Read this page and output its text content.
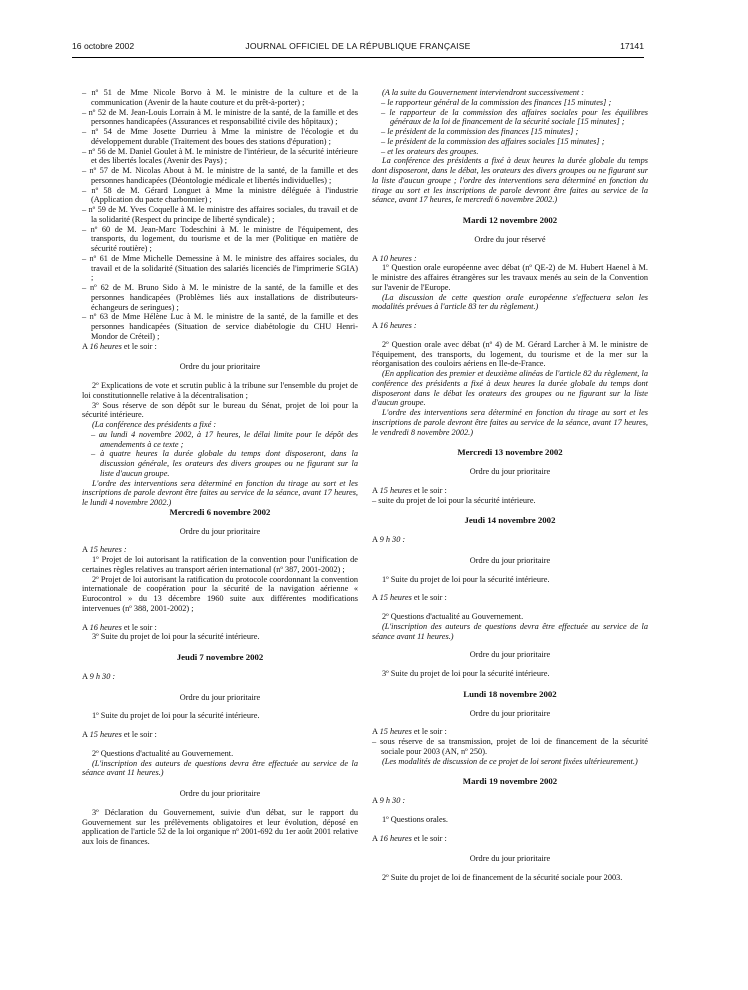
16 octobre 2002	JOURNAL OFFICIEL DE LA RÉPUBLIQUE FRANÇAISE	17141

– nº 51 de Mme Nicole Borvo à M. le ministre de la culture et de la communication (Avenir de la haute couture et du prêt-à-porter) ;

– nº 52 de M. Jean-Louis Lorrain à M. le ministre de la santé, de la famille et des personnes handicapées (Assurances et responsabilité civile des hôpitaux) ;

– nº 54 de Mme Josette Durrieu à Mme la ministre de l'écologie et du développement durable (Traitement des boues des stations d'épuration) ;

– nº 56 de M. Daniel Goulet à M. le ministre de l'intérieur, de la sécurité intérieure et des libertés locales (Avenir des Pays) ;

– nº 57 de M. Nicolas About à M. le ministre de la santé, de la famille et des personnes handicapées (Déontologie médicale et libertés individuelles) ;

– nº 58 de M. Gérard Longuet à Mme la ministre déléguée à l'industrie (Application du pacte charbonnier) ;

– nº 59 de M. Yves Coquelle à M. le ministre des affaires sociales, du travail et de la solidarité (Respect du principe de liberté syndicale) ;

– nº 60 de M. Jean-Marc Todeschini à M. le ministre de l'équipement, des transports, du logement, du tourisme et de la mer (Politique en matière de sécurité routière) ;

– nº 61 de Mme Michelle Demessine à M. le ministre des affaires sociales, du travail et de la solidarité (Situation des salariés licenciés de l'imprimerie SGIA) ;

– nº 62 de M. Bruno Sido à M. le ministre de la santé, de la famille et des personnes handicapées (Problèmes liés aux installations de distributeurs-échangeurs de seringues) ;

– nº 63 de Mme Hélène Luc à M. le ministre de la santé, de la famille et des personnes handicapées (Situation de service diabétologie du CHU Henri-Mondor de Créteil) ;

A 16 heures et le soir :

Ordre du jour prioritaire

2º Explications de vote et scrutin public à la tribune sur l'ensemble du projet de loi constitutionnelle relative à la décentralisation ;

3º Sous réserve de son dépôt sur le bureau du Sénat, projet de loi pour la sécurité intérieure.

(La conférence des présidents a fixé :

– au lundi 4 novembre 2002, à 17 heures, le délai limite pour le dépôt des amendements à ce texte ;

– à quatre heures la durée globale du temps dont disposeront, dans la discussion générale, les orateurs des divers groupes ou ne figurant sur la liste d'aucun groupe.

L'ordre des interventions sera déterminé en fonction du tirage au sort et les inscriptions de parole devront être faites au service de la séance, avant 17 heures, le lundi 4 novembre 2002.)

Mercredi 6 novembre 2002

Ordre du jour prioritaire

A 15 heures :

1º Projet de loi autorisant la ratification de la convention pour l'unification de certaines règles relatives au transport aérien international (nº 387, 2001-2002) ;

2º Projet de loi autorisant la ratification du protocole coordonnant la convention internationale de coopération pour la sécurité de la navigation aérienne « Eurocontrol » du 13 décembre 1960 suite aux différentes modifications intervenues (nº 388, 2001-2002) ;

A 16 heures et le soir :

3º Suite du projet de loi pour la sécurité intérieure.

Jeudi 7 novembre 2002

A 9 h 30 :

Ordre du jour prioritaire

1º Suite du projet de loi pour la sécurité intérieure.

A 15 heures et le soir :

2º Questions d'actualité au Gouvernement.

(L'inscription des auteurs de questions devra être effectuée au service de la séance avant 11 heures.)

Ordre du jour prioritaire

3º Déclaration du Gouvernement, suivie d'un débat, sur le rapport du Gouvernement sur les prélèvements obligatoires et leur évolution, déposé en application de l'article 52 de la loi organique nº 2001-692 du 1er août 2001 relative aux lois de finances.

(A la suite du Gouvernement interviendront successivement :

– le rapporteur général de la commission des finances [15 minutes] ;

– le rapporteur de la commission des affaires sociales pour les équilibres généraux de la loi de financement de la sécurité sociale [15 minutes] ;

– le président de la commission des finances [15 minutes] ;

– le président de la commission des affaires sociales [15 minutes] ;

– et les orateurs des groupes.

La conférence des présidents a fixé à deux heures la durée globale du temps dont disposeront, dans le débat, les orateurs des divers groupes ou ne figurant sur la liste d'aucun groupe ; l'ordre des interventions sera déterminé en fonction du tirage au sort et les inscriptions de parole devront être faites au service de la séance, avant 17 heures, le mercredi 6 novembre 2002.)

Mardi 12 novembre 2002

Ordre du jour réservé

A 10 heures :

1º Question orale européenne avec débat (nº QE-2) de M. Hubert Haenel à M. le ministre des affaires étrangères sur les travaux menés au sein de la Convention sur l'avenir de l'Europe.

(La discussion de cette question orale européenne s'effectuera selon les modalités prévues à l'article 83 ter du règlement.)

A 16 heures :

2º Question orale avec débat (nº 4) de M. Gérard Larcher à M. le ministre de l'équipement, des transports, du logement, du tourisme et de la mer sur la réorganisation des couloirs aériens en Ile-de-France.

(En application des premier et deuxième alinéas de l'article 82 du règlement, la conférence des présidents a fixé à deux heures la durée globale du temps dont disposeront dans le débat les orateurs des groupes ou ne figurant sur la liste d'aucun groupe.

L'ordre des interventions sera déterminé en fonction du tirage au sort et les inscriptions de parole devront être faites au service de la séance, avant 17 heures, le vendredi 8 novembre 2002.)

Mercredi 13 novembre 2002

Ordre du jour prioritaire

A 15 heures et le soir :

– suite du projet de loi pour la sécurité intérieure.

Jeudi 14 novembre 2002

A 9 h 30 :

Ordre du jour prioritaire

1º Suite du projet de loi pour la sécurité intérieure.

A 15 heures et le soir :

2º Questions d'actualité au Gouvernement.

(L'inscription des auteurs de questions devra être effectuée au service de la séance avant 11 heures.)

Ordre du jour prioritaire

3º Suite du projet de loi pour la sécurité intérieure.

Lundi 18 novembre 2002

Ordre du jour prioritaire

A 15 heures et le soir :

– sous réserve de sa transmission, projet de loi de financement de la sécurité sociale pour 2003 (AN, nº 250).

(Les modalités de discussion de ce projet de loi seront fixées ultérieurement.)

Mardi 19 novembre 2002

A 9 h 30 :

1º Questions orales.

A 16 heures et le soir :

Ordre du jour prioritaire

2º Suite du projet de loi de financement de la sécurité sociale pour 2003.
